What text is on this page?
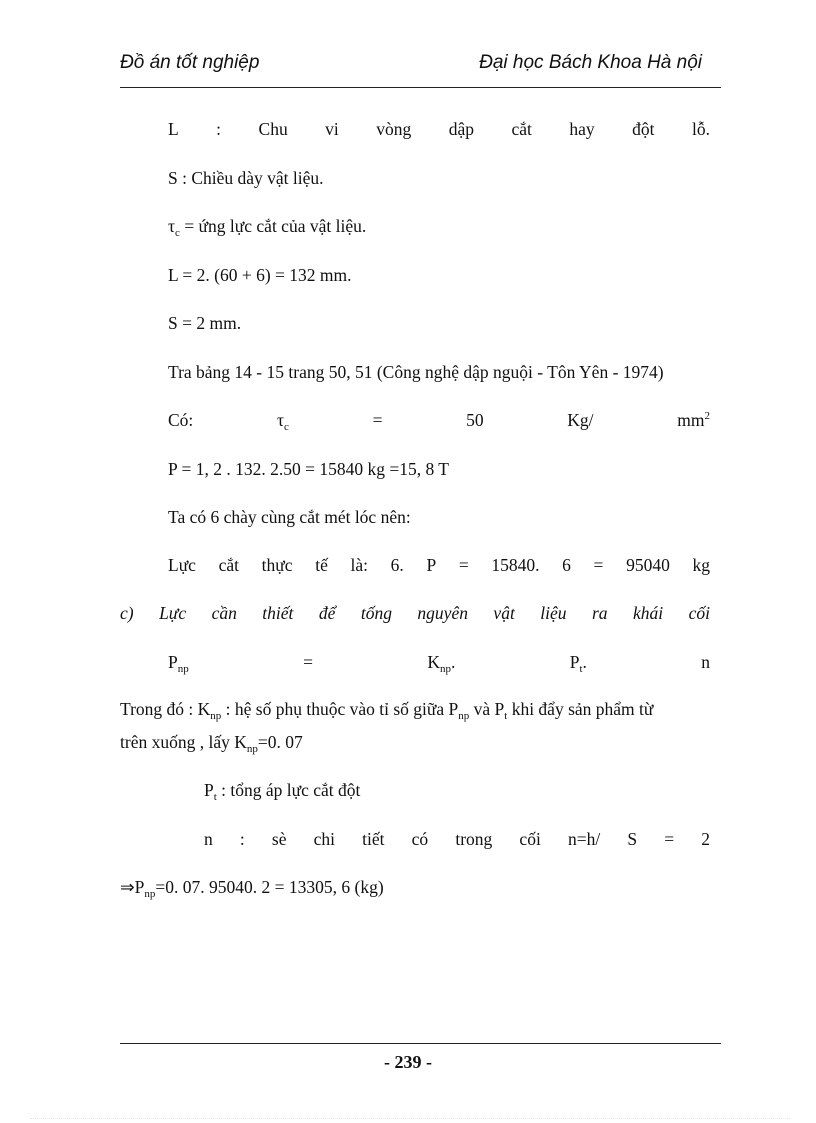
Đồ án tốt nghiệp	Đại học Bách Khoa Hà nội
L : Chu vi vòng dập cắt hay đột lỗ.
S : Chiều dày vật liệu.
$\tau_c$ = ứng lực cắt của vật liệu.
L = 2. (60 + 6) = 132 mm.
S = 2 mm.
Tra bảng 14 - 15 trang 50, 51 (Công nghệ dập nguội - Tôn Yên - 1974)
Có:	$\tau_c$	=	50	Kg/	$mm^2$
P = 1, 2 . 132. 2.50 = 15840 kg =15, 8 T
Ta có 6 chày cùng cắt mét lóc nên:
Lực cắt thực tế là: 6. P = 15840. 6 = 95040 kg
c) Lực cần thiết để tống nguyên vật liệu ra khái cối
$P_{np}$	=	$K_{np}$.	$P_t$.	n
Trong đó : $K_{np}$ : hệ số phụ thuộc vào tỉ số giữa $P_{np}$ và $P_t$ khi đẩy sản phẩm từ
trên xuống , lấy $K_{np}=0$. 07
$P_t$ : tổng áp lực cắt đột
n : sè chi tiết có trong cối n=h/ S = 2
$\Rightarrow P_{np}=0$. 07. 95040. 2 = 13305, 6 (kg)
- 239 -
